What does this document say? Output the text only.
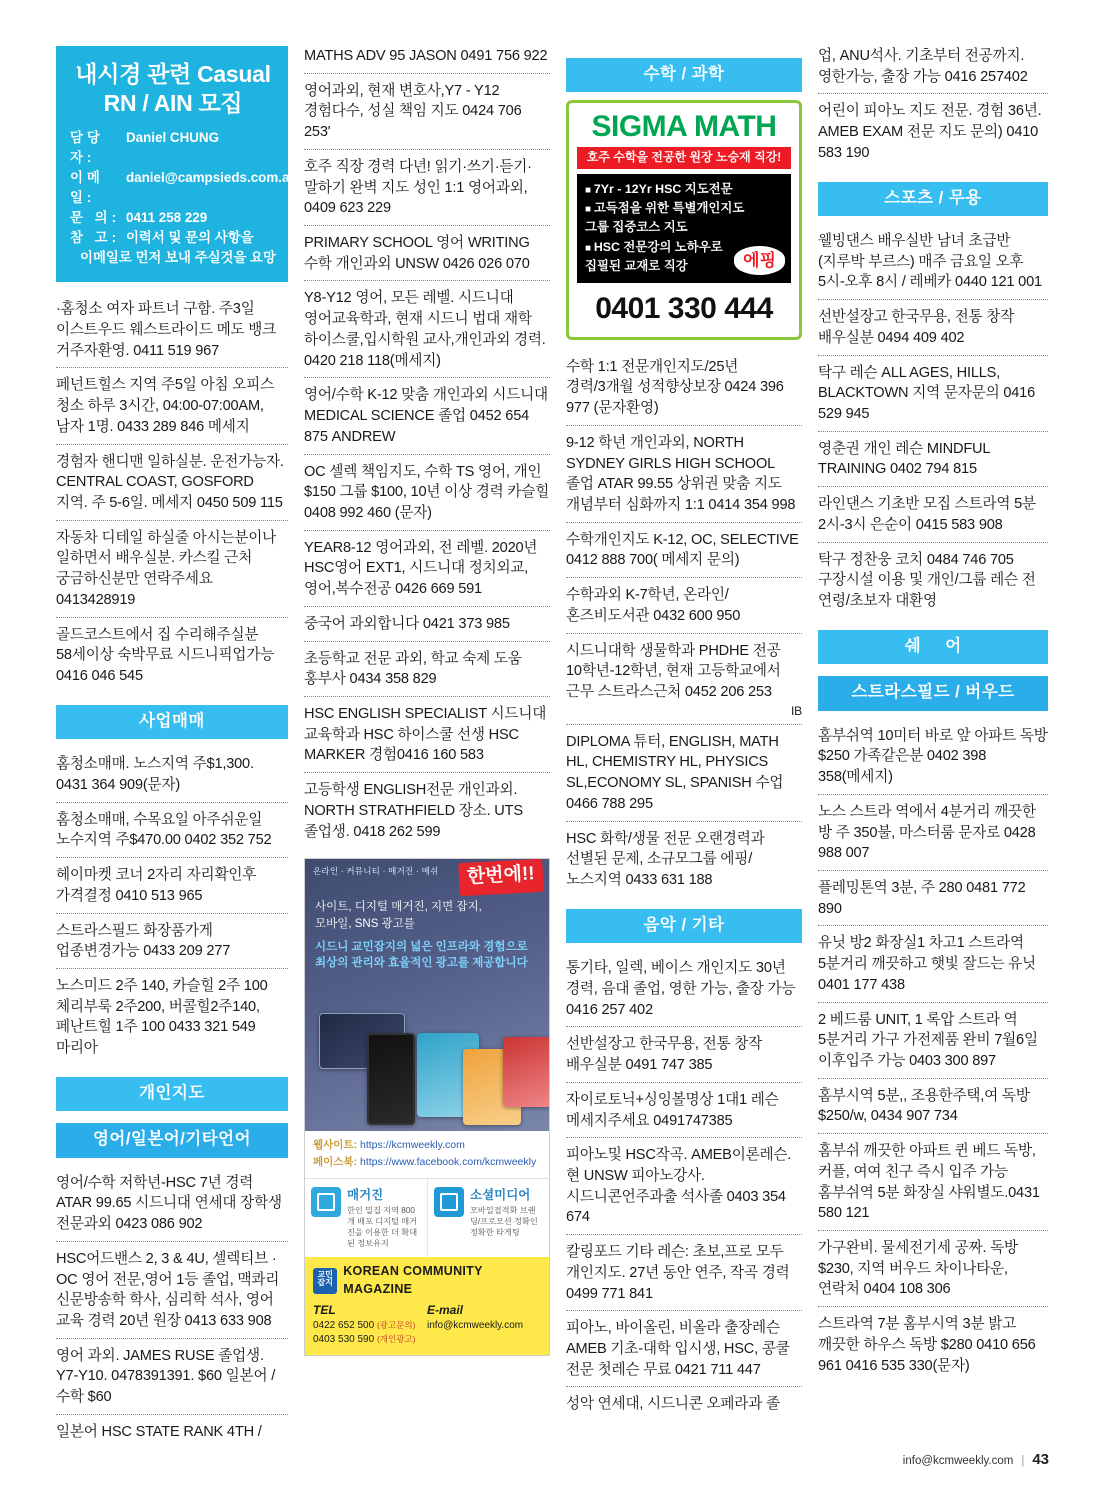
내시경 관련 Casual
RN / AIN 모집
담당자:
Daniel CHUNG
이메일:
daniel@campsieds.com.au
문 의: 0411 258 229
참 고: 이력서 및 문의 사항을
이메일로 먼저 보내 주실것을 요망
·홈청소 여자 파트너 구함. 주3일 이스트우드 웨스트라이드 메도 뱅크 거주자환영. 0411 519 967
페넌트힐스 지역 주5일 아침 오피스 청소 하루 3시간, 04:00-07:00AM, 남자 1명. 0433 289 846 메세지
경험자 핸디맨 일하실분. 운전가능자. CENTRAL COAST, GOSFORD 지역. 주 5-6일. 메세지 0450 509 115
자동차 디테일 하실줄 아시는분이나 일하면서 배우실분. 카스킬 근처 궁금하신분만 연락주세요 0413428919
골드코스트에서 집 수리해주실분 58세이상 숙박무료 시드니픽업가능 0416 046 545
사업매매
홈청소매매. 노스지역 주$1,300. 0431 364 909(문자)
홈청소매매, 수목요일 아주쉬운일 노수지역 주$470.00 0402 352 752
헤이마켓 코너 2자리 자리확인후 가격결정 0410 513 965
스트라스필드 화장품가게 업종변경가능 0433 209 277
노스미드 2주 140, 카슬힐 2주 100 체리부룩 2주200, 버콜힐2주140, 페난트힐 1주 100 0433 321 549 마리아
개인지도
영어/일본어/기타언어
영어/수학 저학년-HSC 7년 경력 ATAR 99.65 시드니대 연세대 장학생 전문과외 0423 086 902
HSC어드밴스 2, 3 & 4U, 셀렉티브 · OC 영어 전문,영어 1등 졸업, 맥콰리 신문방송학 학사, 심리학 석사, 영어 교육 경력 20년 원장 0413 633 908
영어 과외. JAMES RUSE 졸업생. Y7-Y10. 0478391391. $60 일본어 / 수학 $60
일본어 HSC STATE RANK 4TH /
MATHS ADV 95 JASON 0491 756 922
영어과외, 현재 변호사,Y7 - Y12 경험다수, 성실 책임 지도 0424 706 253'
호주 직장 경력 다년! 읽기·쓰기·듣기·말하기 완벽 지도 성인 1:1 영어과외, 0409 623 229
PRIMARY SCHOOL 영어 WRITING 수학 개인과외 UNSW 0426 026 070
Y8-Y12 영어, 모든 레벨. 시드니대 영어교육학과, 현재 시드니 법대 재학 하이스쿨,입시학원 교사,개인과외 경력. 0420 218 118(메세지)
영어/수학 K-12 맞춤 개인과외 시드니대 MEDICAL SCIENCE 졸업 0452 654 875 ANDREW
OC 셀렉 책임지도, 수학 TS 영어, 개인 $150 그룹 $100, 10년 이상 경력 카슬힐 0408 992 460 (문자)
YEAR8-12 영어과외, 전 레벨. 2020년 HSC영어 EXT1, 시드니대 정치외교, 영어,복수전공 0426 669 591
중국어 과외합니다 0421 373 985
초등학교 전문 과외, 학교 숙제 도움 홍부사 0434 358 829
HSC ENGLISH SPECIALIST 시드니대 교육학과 HSC 하이스쿨 선생 HSC MARKER 경험0416 160 583
고등학생 ENGLISH전문 개인과외. NORTH STRATHFIELD 장소. UTS 졸업생. 0418 262 599
온라인 · 커뮤니티 · 매거진 · 메쉬	한번에!!
사이트, 디지털 매거진, 지면 잡지,
모바일, SNS 광고를
시드니 교민잡지의 넓은 인프라와 경험으로
최상의 관리와 효율적인 광고를 제공합니다
웹사이트: https://kcmweekly.com
페이스북: https://www.facebook.com/kcmweekly
매거진
한인 밀집 지역 800개 배포 디지털 매거진을 이용한 더 확대된 정보유지
소셜미디어
모바일접적화 브랜딩/프로모션 정확인 정확한 타게팅
교민 잡지
KOREAN COMMUNITY MAGAZINE
TEL
0422 652 500 (광고문의)
0403 530 590 (개인광고)
E-mail
info@kcmweekly.com
수학 / 과학
SIGMA MATH
호주 수학을 전공한 원장 노숭재 직강!
■ 7Yr - 12Yr HSC 지도전문
■ 고득점을 위한 특별개인지도
그룹 집중코스 지도
■ HSC 전문강의 노하우로
집필된 교재로 직강	에핑
0401 330 444
수학 1:1 전문개인지도/25년 경력/3개월 성적향상보장 0424 396 977 (문자환영)
9-12 학년 개인과외, NORTH SYDNEY GIRLS HIGH SCHOOL 졸업 ATAR 99.55 상위권 맞춤 지도 개념부터 심화까지 1:1 0414 354 998
수학개인지도 K-12, OC, SELECTIVE 0412 888 700( 메세지 문의)
수학과외 K-7학년, 온라인/혼즈비도서관 0432 600 950
시드니대학 생물학과 PHDHE 전공 10학년-12학년, 현재 고등학교에서 근무 스트라스근처 0452 206 253
IB
DIPLOMA 튜터, ENGLISH, MATH HL, CHEMISTRY HL, PHYSICS SL,ECONOMY SL, SPANISH 수업 0466 788 295
HSC 화학/생물 전문 오랜경력과 선별된 문제, 소규모그룹 에핑/노스지역 0433 631 188
음악 / 기타
통기타, 일렉, 베이스 개인지도 30년 경력, 음대 졸업, 영한 가능, 출장 가능 0416 257 402
선반설장고 한국무용, 전통 창작 배우실분 0491 747 385
자이로토닉+싱잉볼명상 1대1 레슨 메세지주세요 0491747385
피아노및 HSC작곡. AMEB이론레슨. 현 UNSW 피아노강사. 시드니콘언주과출 석사졸 0403 354 674
칼링포드 기타 레슨: 초보,프로 모두 개인지도. 27년 동안 연주, 작곡 경력 0499 771 841
피아노, 바이올린, 비올라 출장레슨 AMEB 기초-대학 입시생, HSC, 콩쿨 전문 첫레슨 무료 0421 711 447
성악 연세대, 시드니콘 오페라과 졸
업, ANU석사. 기초부터 전공까지. 영한가능, 출장 가능 0416 257402
어린이 피아노 지도 전문. 경험 36년. AMEB EXAM 전문 지도 문의) 0410 583 190
스포츠 / 무용
웰빙댄스 배우실반 남녀 초급반 (지루박 부르스) 매주 금요일 오후 5시-오후 8시 / 레베카 0440 121 001
선반설장고 한국무용, 전통 창작 배우실분 0494 409 402
탁구 레슨 ALL AGES, HILLS, BLACKTOWN 지역 문자문의 0416 529 945
영춘권 개인 레슨 MINDFUL TRAINING 0402 794 815
라인댄스 기초반 모집 스트라역 5분 2시-3시 은순이 0415 583 908
탁구 정찬웅 코치 0484 746 705 구장시설 이용 및 개인/그룹 레슨 전 연령/초보자 대환영
쉐 어
스트라스필드 / 버우드
홈부쉬역 10미터 바로 앞 아파트 독방 $250 가족같은분 0402 398 358(메세지)
노스 스트라 역에서 4분거리 깨끗한 방 주 350불, 마스터룸 문자로 0428 988 007
플레밍톤역 3분, 주 280 0481 772 890
유닛 방2 화장실1 차고1 스트라역 5분거리 깨끗하고 햇빛 잘드는 유닛 0401 177 438
2 베드룸 UNIT, 1 록압 스트라 역 5분거리 가구 가전제품 완비 7월6일 이후입주 가능 0403 300 897
홈부시역 5분,, 조용한주택,여 독방 $250/w, 0434 907 734
홈부쉬 깨끗한 아파트 퀸 베드 독방, 커플, 여여 친구 즉시 입주 가능 홈부쉬역 5분 화장실 샤워별도.0431 580 121
가구완비. 물세전기세 공짜. 독방 $230, 지역 버우드 차이나타운, 연락처 0404 108 306
스트라역 7분 홈부시역 3분 밝고 깨끗한 하우스 독방 $280 0410 656 961 0416 535 330(문자)
info@kcmweekly.com | 43
